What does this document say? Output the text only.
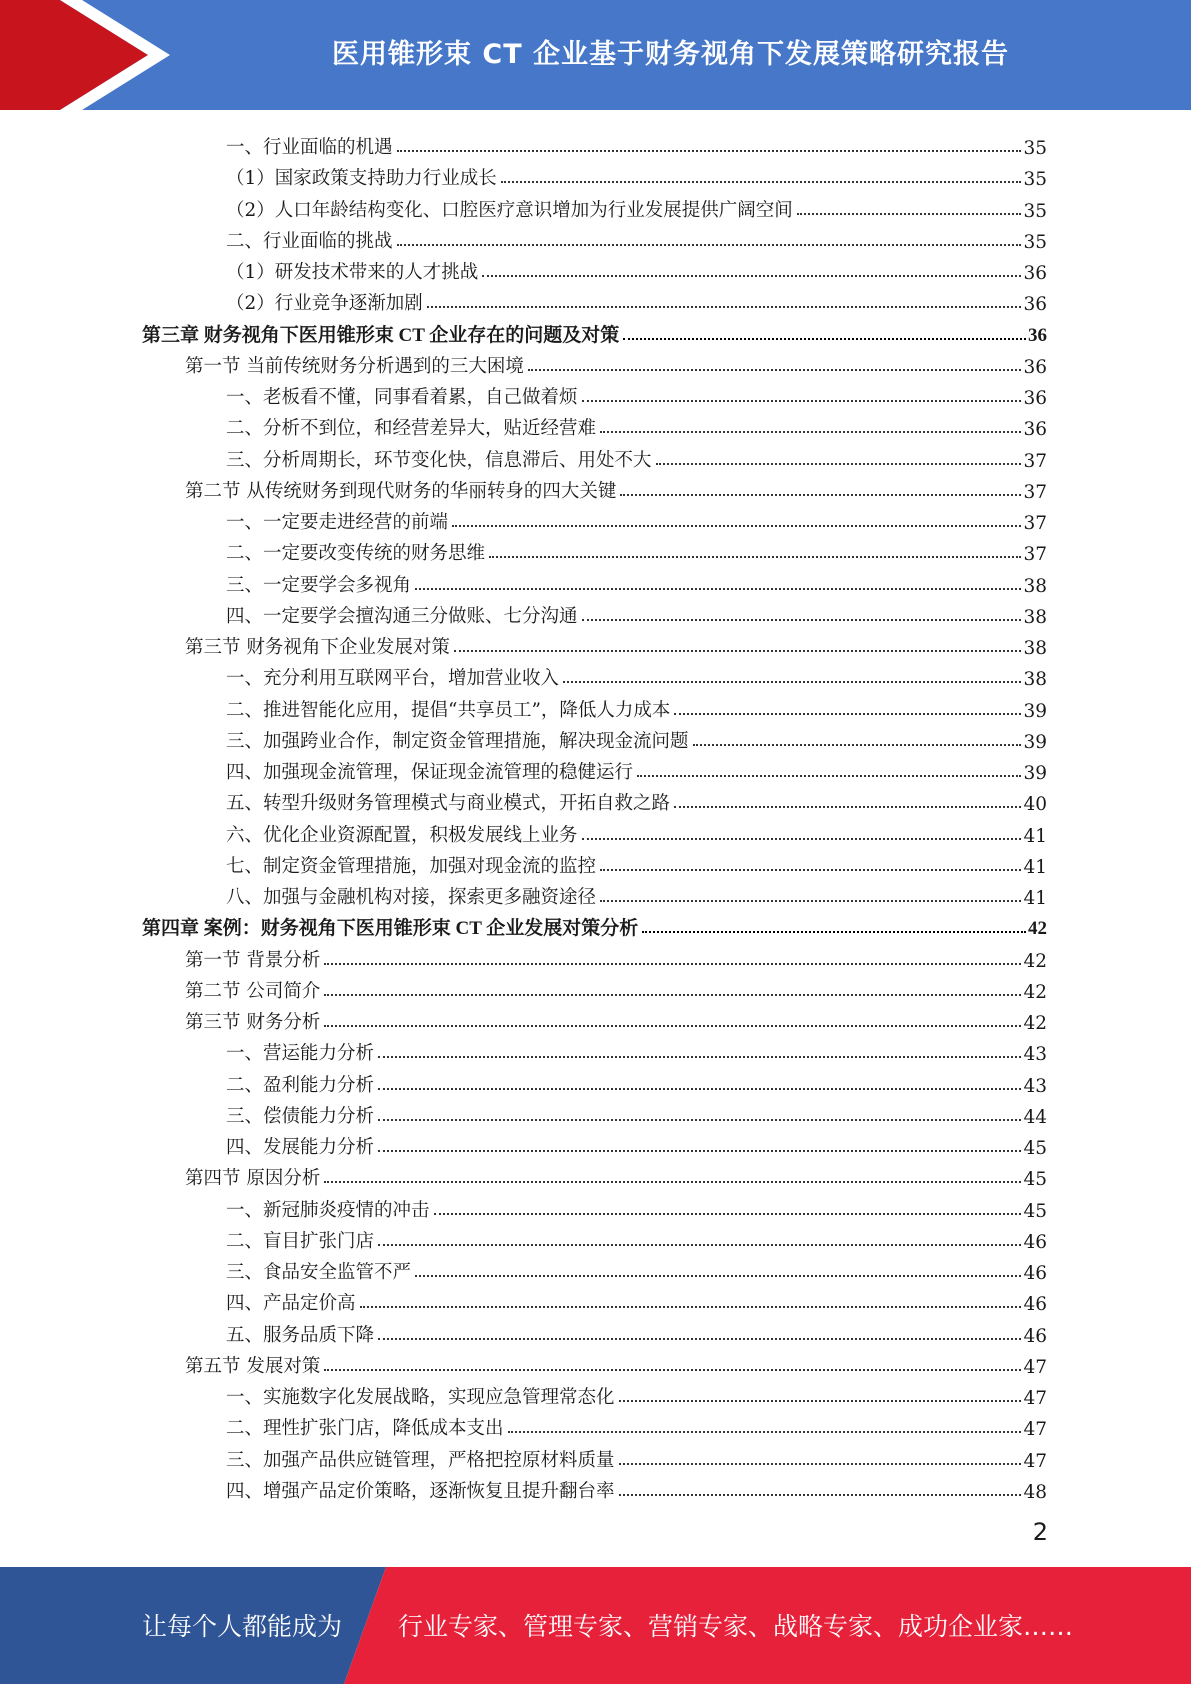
医用锥形束 CT 企业基于财务视角下发展策略研究报告
一、行业面临的机遇	35
（1）国家政策支持助力行业成长	35
（2）人口年龄结构变化、口腔医疗意识增加为行业发展提供广阔空间	35
二、行业面临的挑战	35
（1）研发技术带来的人才挑战	36
（2）行业竞争逐渐加剧	36
第三章 财务视角下医用锥形束 CT 企业存在的问题及对策	36
第一节 当前传统财务分析遇到的三大困境	36
一、老板看不懂，同事看着累，自己做着烦	36
二、分析不到位，和经营差异大，贴近经营难	36
三、分析周期长，环节变化快，信息滞后、用处不大	37
第二节 从传统财务到现代财务的华丽转身的四大关键	37
一、一定要走进经营的前端	37
二、一定要改变传统的财务思维	37
三、一定要学会多视角	38
四、一定要学会擅沟通三分做账、七分沟通	38
第三节 财务视角下企业发展对策	38
一、充分利用互联网平台，增加营业收入	38
二、推进智能化应用，提倡“共享员工”，降低人力成本	39
三、加强跨业合作，制定资金管理措施，解决现金流问题	39
四、加强现金流管理，保证现金流管理的稳健运行	39
五、转型升级财务管理模式与商业模式，开拓自救之路	40
六、优化企业资源配置，积极发展线上业务	41
七、制定资金管理措施，加强对现金流的监控	41
八、加强与金融机构对接，探索更多融资途径	41
第四章 案例：财务视角下医用锥形束 CT 企业发展对策分析	42
第一节 背景分析	42
第二节 公司简介	42
第三节 财务分析	42
一、营运能力分析	43
二、盈利能力分析	43
三、偿债能力分析	44
四、发展能力分析	45
第四节 原因分析	45
一、新冠肺炎疫情的冲击	45
二、盲目扩张门店	46
三、食品安全监管不严	46
四、产品定价高	46
五、服务品质下降	46
第五节 发展对策	47
一、实施数字化发展战略，实现应急管理常态化	47
二、理性扩张门店，降低成本支出	47
三、加强产品供应链管理，严格把控原材料质量	47
四、增强产品定价策略，逐渐恢复且提升翻台率	48
2
让每个人都能成为 行业专家、管理专家、营销专家、战略专家、成功企业家……
